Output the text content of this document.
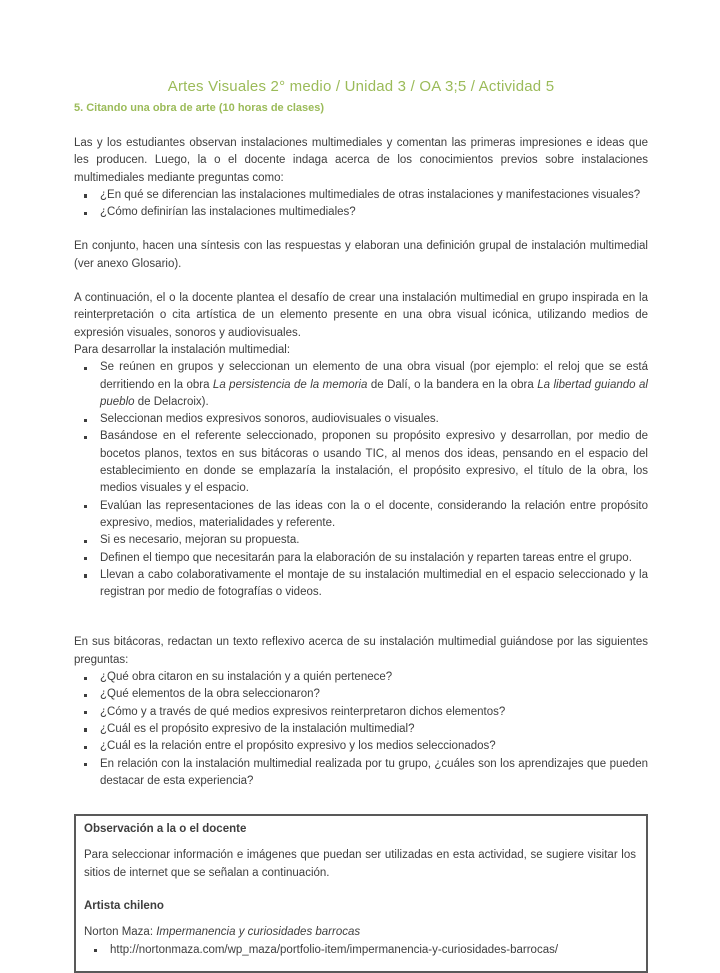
Artes Visuales 2° medio / Unidad 3 / OA 3;5 / Actividad 5
5. Citando una obra de arte (10 horas de clases)

Las y los estudiantes observan instalaciones multimediales y comentan las primeras impresiones e ideas que les producen. Luego, la o el docente indaga acerca de los conocimientos previos sobre instalaciones multimediales mediante preguntas como:

¿En qué se diferencian las instalaciones multimediales de otras instalaciones y manifestaciones visuales?
¿Cómo definirían las instalaciones multimediales?

En conjunto, hacen una síntesis con las respuestas y elaboran una definición grupal de instalación multimedial (ver anexo Glosario).

A continuación, el o la docente plantea el desafío de crear una instalación multimedial en grupo inspirada en la reinterpretación o cita artística de un elemento presente en una obra visual icónica, utilizando medios de expresión visuales, sonoros y audiovisuales.

Para desarrollar la instalación multimedial:

Se reúnen en grupos y seleccionan un elemento de una obra visual (por ejemplo: el reloj que se está derritiendo en la obra La persistencia de la memoria de Dalí, o la bandera en la obra La libertad guiando al pueblo de Delacroix).
Seleccionan medios expresivos sonoros, audiovisuales o visuales.
Basándose en el referente seleccionado, proponen su propósito expresivo y desarrollan, por medio de bocetos planos, textos en sus bitácoras o usando TIC, al menos dos ideas, pensando en el espacio del establecimiento en donde se emplazaría la instalación, el propósito expresivo, el título de la obra, los medios visuales y el espacio.
Evalúan las representaciones de las ideas con la o el docente, considerando la relación entre propósito expresivo, medios, materialidades y referente.
Si es necesario, mejoran su propuesta.
Definen el tiempo que necesitarán para la elaboración de su instalación y reparten tareas entre el grupo.
Llevan a cabo colaborativamente el montaje de su instalación multimedial en el espacio seleccionado y la registran por medio de fotografías o videos.

En sus bitácoras, redactan un texto reflexivo acerca de su instalación multimedial guiándose por las siguientes preguntas:

¿Qué obra citaron en su instalación y a quién pertenece?
¿Qué elementos de la obra seleccionaron?
¿Cómo y a través de qué medios expresivos reinterpretaron dichos elementos?
¿Cuál es el propósito expresivo de la instalación multimedial?
¿Cuál es la relación entre el propósito expresivo y los medios seleccionados?
En relación con la instalación multimedial realizada por tu grupo, ¿cuáles son los aprendizajes que pueden destacar de esta experiencia?

Observación a la o el docente

Para seleccionar información e imágenes que puedan ser utilizadas en esta actividad, se sugiere visitar los sitios de internet que se señalan a continuación.

Artista chileno

Norton Maza: Impermanencia y curiosidades barrocas

http://nortonmaza.com/wp_maza/portfolio-item/impermanencia-y-curiosidades-barrocas/
